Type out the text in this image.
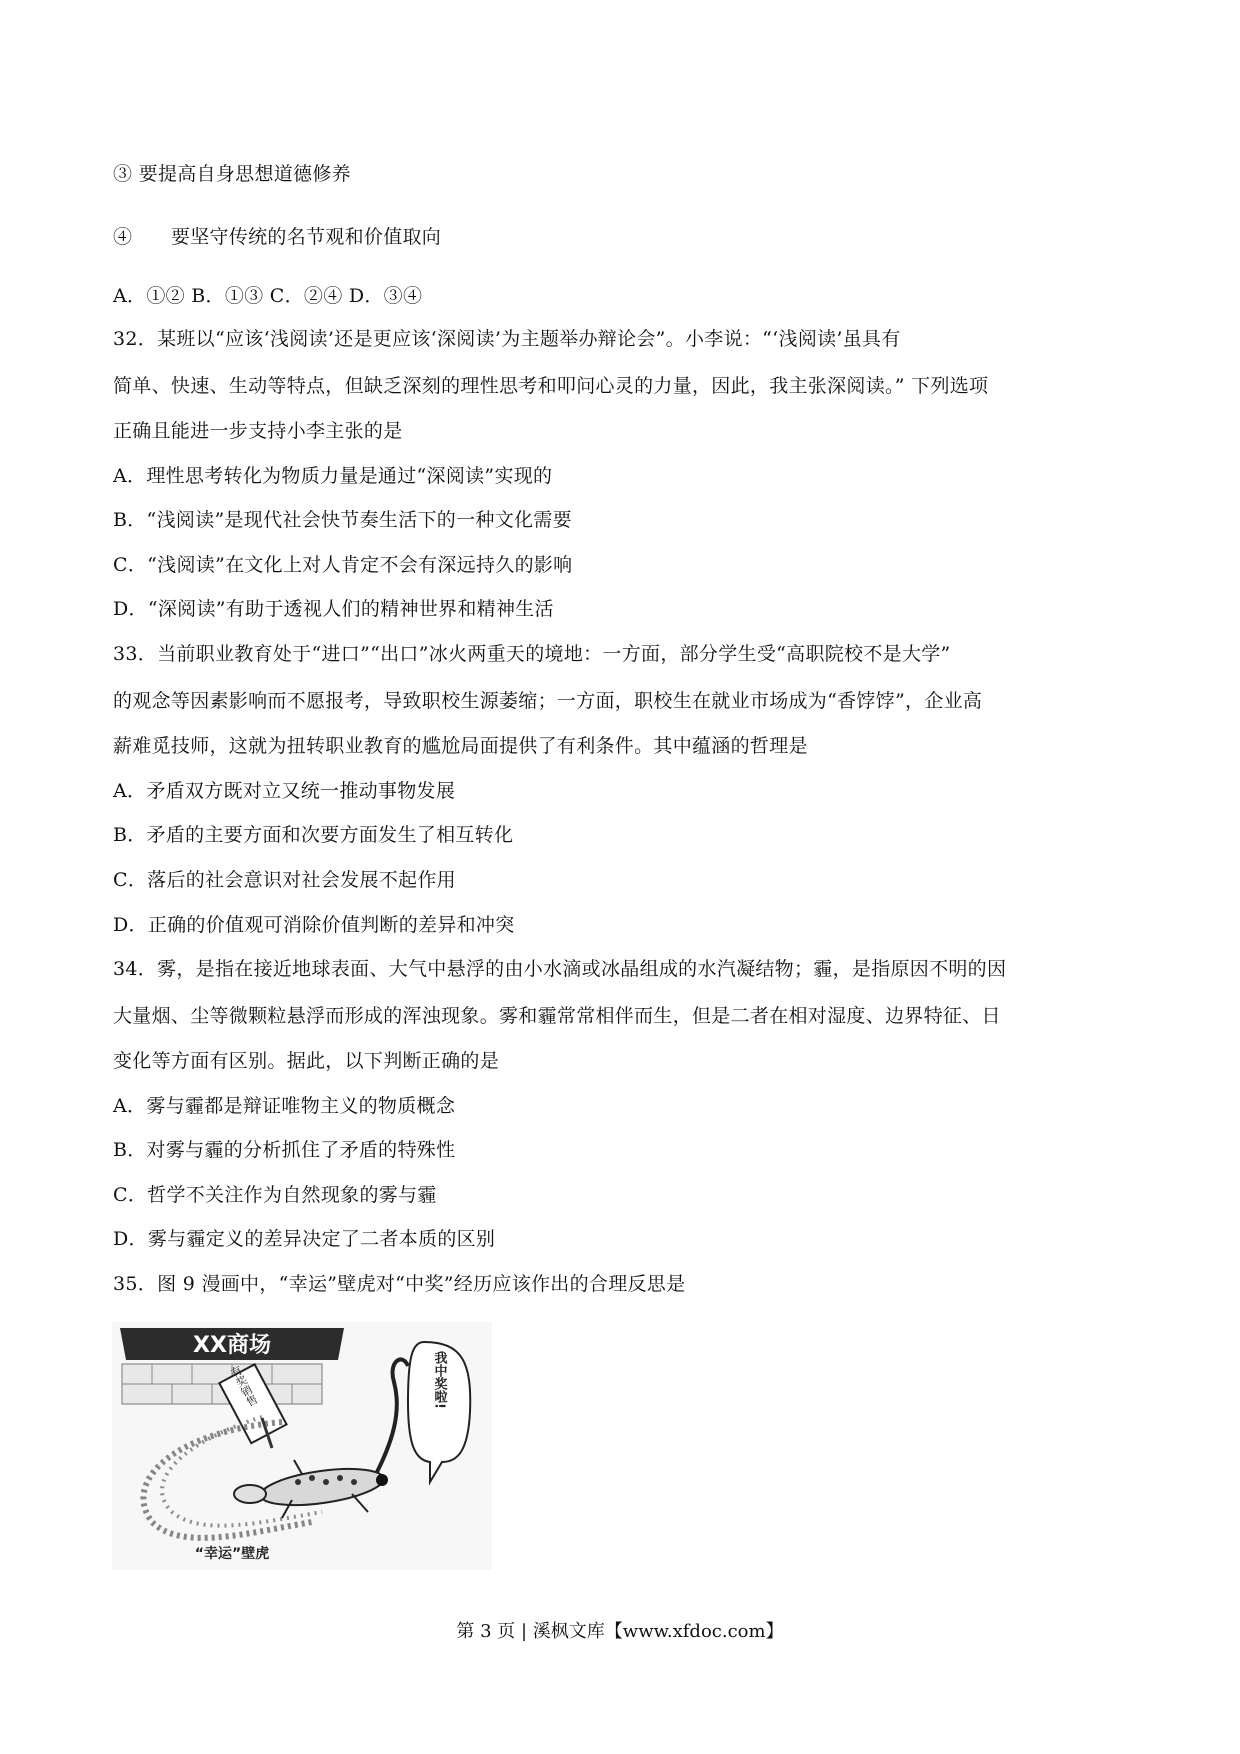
③ 要提高自身思想道德修养
④　　要坚守传统的名节观和价值取向
A．①② B．①③ C．②④ D．③④
32．某班以“应该‘浅阅读’还是更应该‘深阅读’为主题举办辩论会”。小李说：“‘浅阅读’虽具有
简单、快速、生动等特点，但缺乏深刻的理性思考和叩问心灵的力量，因此，我主张深阅读。” 下列选项
正确且能进一步支持小李主张的是
A．理性思考转化为物质力量是通过“深阅读”实现的
B．“浅阅读”是现代社会快节奏生活下的一种文化需要
C．“浅阅读”在文化上对人肯定不会有深远持久的影响
D．“深阅读”有助于透视人们的精神世界和精神生活
33．当前职业教育处于“进口”“出口”冰火两重天的境地：一方面，部分学生受“高职院校不是大学”
的观念等因素影响而不愿报考，导致职校生源萎缩；一方面，职校生在就业市场成为“香饽饽”，企业高
薪难觅技师，这就为扭转职业教育的尴尬局面提供了有利条件。其中蕴涵的哲理是
A．矛盾双方既对立又统一推动事物发展
B．矛盾的主要方面和次要方面发生了相互转化
C．落后的社会意识对社会发展不起作用
D．正确的价值观可消除价值判断的差异和冲突
34．雾，是指在接近地球表面、大气中悬浮的由小水滴或冰晶组成的水汽凝结物；霾，是指原因不明的因
大量烟、尘等微颗粒悬浮而形成的浑浊现象。雾和霾常常相伴而生，但是二者在相对湿度、边界特征、日
变化等方面有区别。据此，以下判断正确的是
A．雾与霾都是辩证唯物主义的物质概念
B．对雾与霾的分析抓住了矛盾的特殊性
C．哲学不关注作为自然现象的雾与霾
D．雾与霾定义的差异决定了二者本质的区别
35．图 9 漫画中，“幸运”壁虎对“中奖”经历应该作出的合理反思是
XX商场
有奖销售	我中奖啦!
“幸运”壁虎
第 3 页 | 溪枫文库【www.xfdoc.com】
